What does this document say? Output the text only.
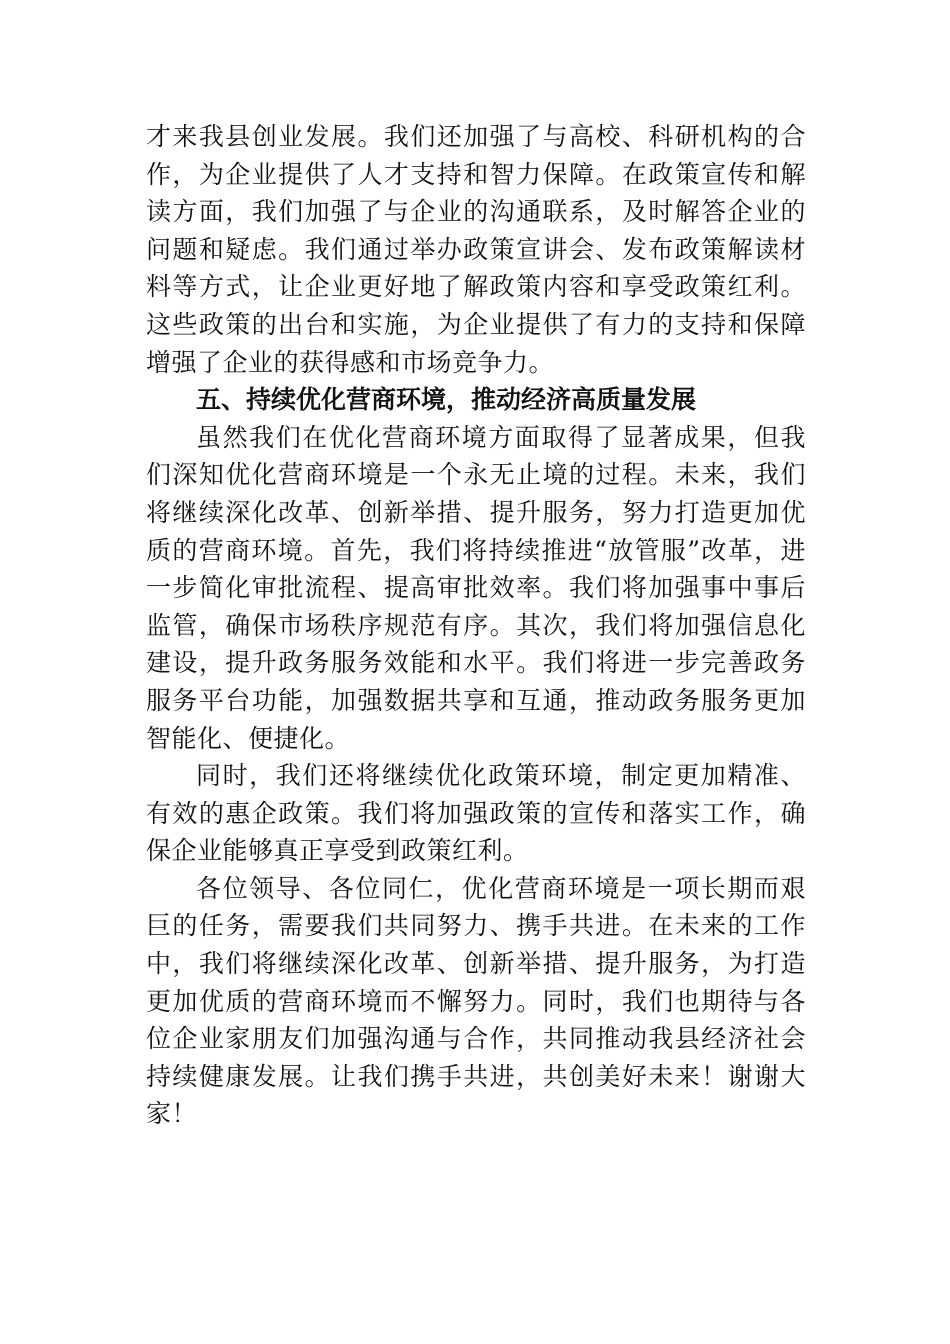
才来我县创业发展。我们还加强了与高校、科研机构的合作，为企业提供了人才支持和智力保障。在政策宣传和解读方面，我们加强了与企业的沟通联系，及时解答企业的问题和疑虑。我们通过举办政策宣讲会、发布政策解读材料等方式，让企业更好地了解政策内容和享受政策红利。这些政策的出台和实施，为企业提供了有力的支持和保障增强了企业的获得感和市场竞争力。

五、持续优化营商环境，推动经济高质量发展

虽然我们在优化营商环境方面取得了显著成果，但我们深知优化营商环境是一个永无止境的过程。未来，我们将继续深化改革、创新举措、提升服务，努力打造更加优质的营商环境。首先，我们将持续推进“放管服”改革，进一步简化审批流程、提高审批效率。我们将加强事中事后监管，确保市场秩序规范有序。其次，我们将加强信息化建设，提升政务服务效能和水平。我们将进一步完善政务服务平台功能，加强数据共享和互通，推动政务服务更加智能化、便捷化。

同时，我们还将继续优化政策环境，制定更加精准、有效的惠企政策。我们将加强政策的宣传和落实工作，确保企业能够真正享受到政策红利。

各位领导、各位同仁，优化营商环境是一项长期而艰巨的任务，需要我们共同努力、携手共进。在未来的工作中，我们将继续深化改革、创新举措、提升服务，为打造更加优质的营商环境而不懈努力。同时，我们也期待与各位企业家朋友们加强沟通与合作，共同推动我县经济社会持续健康发展。让我们携手共进，共创美好未来！谢谢大家！
